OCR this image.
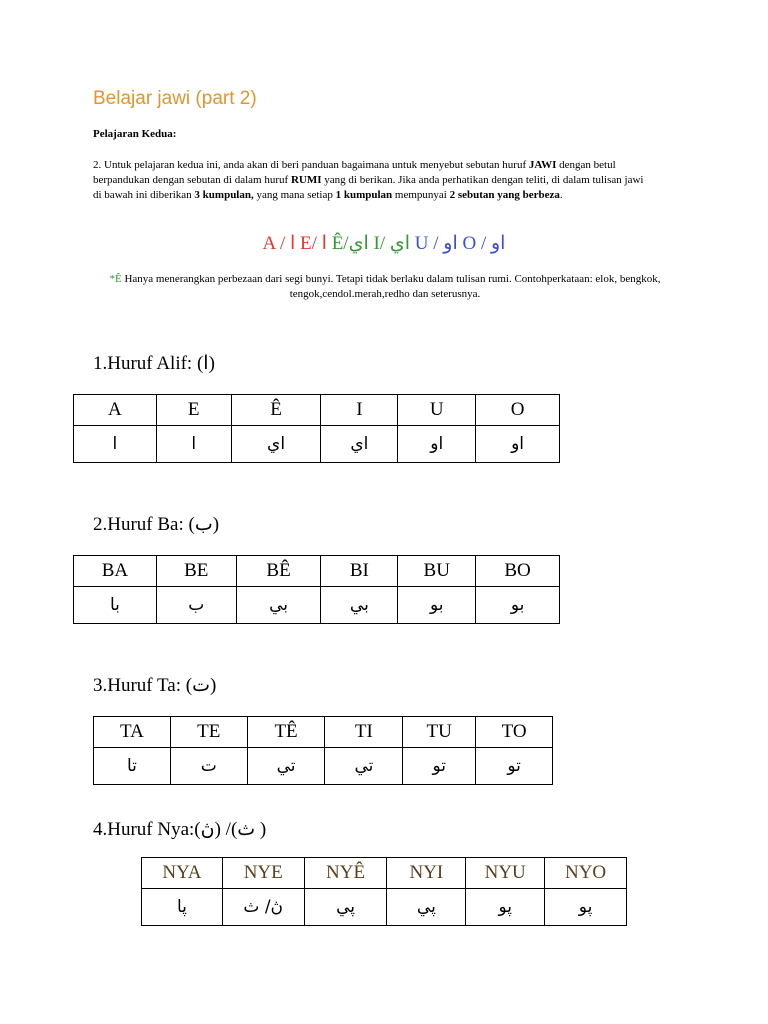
Belajar jawi (part 2)
Pelajaran Kedua:
2. Untuk pelajaran kedua ini, anda akan di beri panduan bagaimana untuk menyebut sebutan huruf JAWI dengan betul berpandukan dengan sebutan di dalam huruf RUMI yang di berikan. Jika anda perhatikan dengan teliti, di dalam tulisan jawi di bawah ini diberikan 3 kumpulan, yang mana setiap 1 kumpulan mempunyai 2 sebutan yang berbeza.
A / ا E/ ا Ê/اي I/ اي U / او O / او
*Ê Hanya menerangkan perbezaan dari segi bunyi. Tetapi tidak berlaku dalam tulisan rumi. Contohperkataan: elok, bengkok, tengok,cendol.merah,redho dan seterusnya.
1.Huruf Alif: (ا)
A	E	Ê	I	U	O
ا	ا	اي	اي	او	او
2.Huruf Ba: (ب)
BA	BE	BÊ	BI	BU	BO
با	ب	بي	بي	بو	بو
3.Huruf Ta: (ت)
TA	TE	TÊ	TI	TU	TO
تا	ت	تي	تي	تو	تو
4.Huruf Nya:(ڽ) /(ث )
NYA	NYE	NYÊ	NYI	NYU	NYO
ڽا	ڽ/ ث	ڽي	ڽي	ڽو	ڽو
